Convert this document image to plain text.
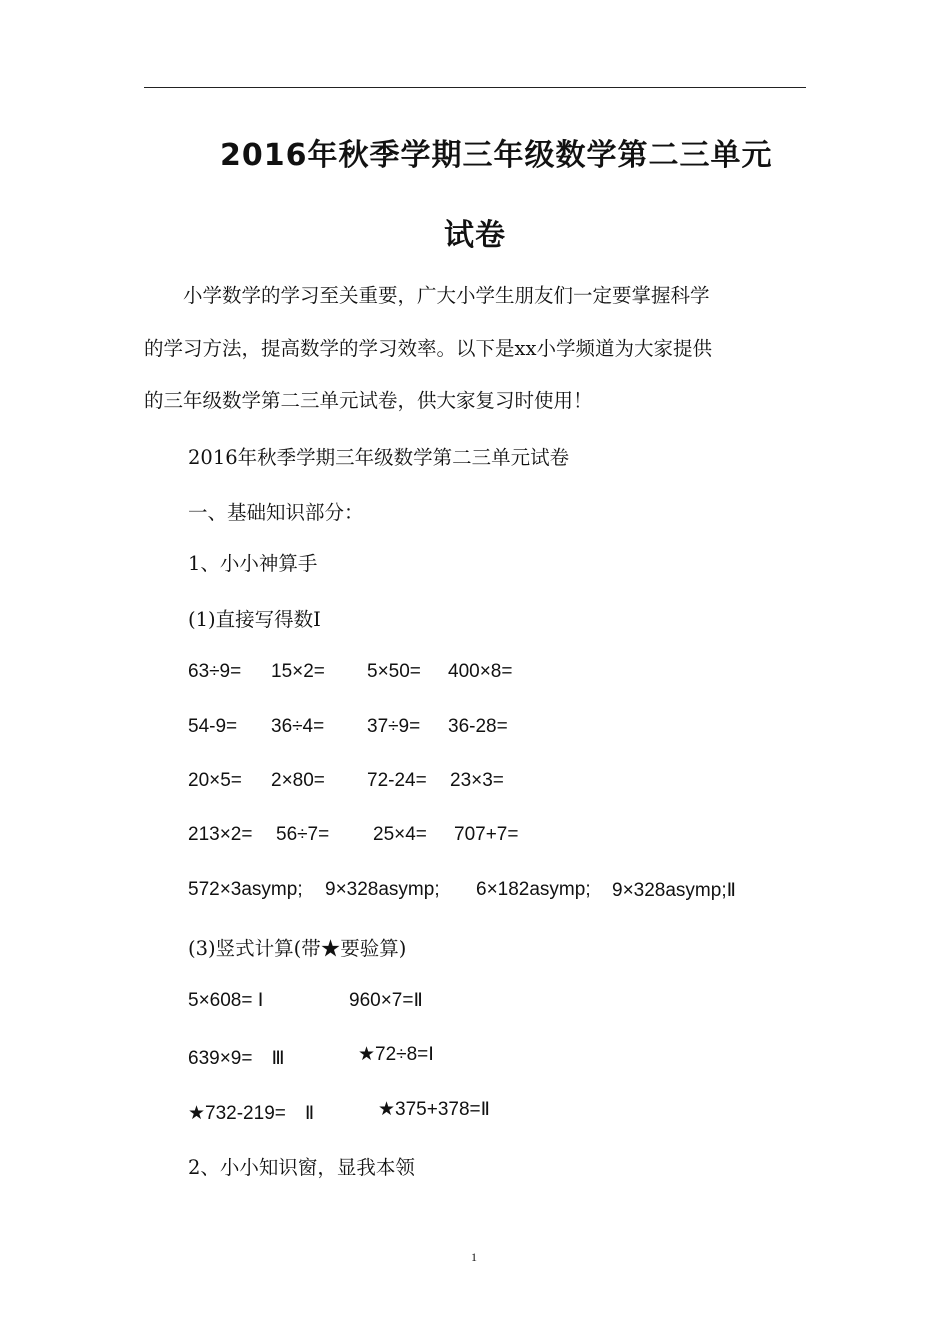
2016年秋季学期三年级数学第二三单元
试卷
　　小学数学的学习至关重要，广大小学生朋友们一定要掌握科学
的学习方法，提高数学的学习效率。以下是xx小学频道为大家提供
的三年级数学第二三单元试卷，供大家复习时使用！
2016年秋季学期三年级数学第二三单元试卷
一、基础知识部分：
1、小小神算手
(1)直接写得数Ⅰ
63÷9= 15×2= 5×50= 400×8=
54-9= 36÷4= 37÷9= 36-28=
20×5= 2×80= 72-24= 23×3=
213×2= 56÷7= 25×4= 707+7=
572×3asymp; 9×328asymp; 6×182asymp; 9×328asymp;Ⅱ
(3)竖式计算(带★要验算)
5×608= Ⅰ	960×7=Ⅱ
639×9=　Ⅲ	★72÷8=Ⅰ
★732-219=　Ⅱ	★375+378=Ⅱ
2、小小知识窗，显我本领
1
